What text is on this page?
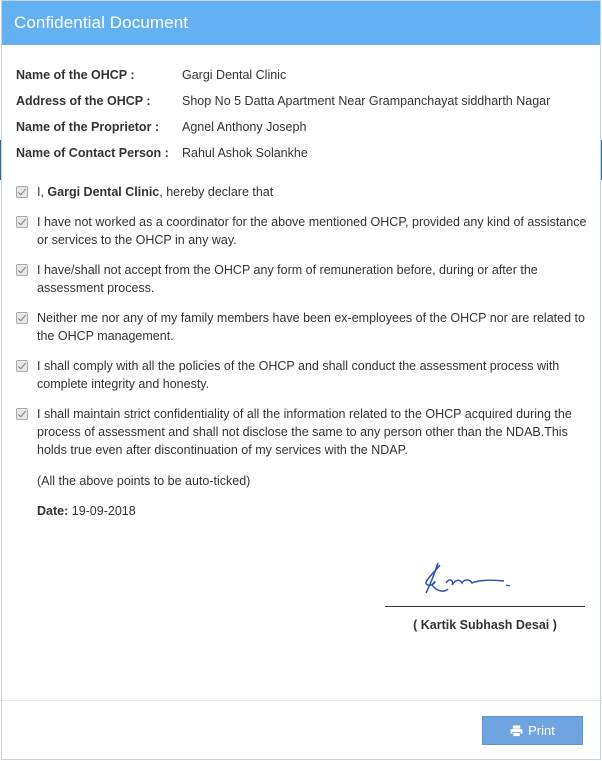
Confidential Document
Name of the OHCP :	Gargi Dental Clinic
Address of the OHCP :	Shop No 5 Datta Apartment Near Grampanchayat siddharth Nagar
Name of the Proprietor :	Agnel Anthony Joseph
Name of Contact Person :	Rahul Ashok Solankhe
I, Gargi Dental Clinic, hereby declare that
I have not worked as a coordinator for the above mentioned OHCP, provided any kind of assistance or services to the OHCP in any way.
I have/shall not accept from the OHCP any form of remuneration before, during or after the assessment process.
Neither me nor any of my family members have been ex-employees of the OHCP nor are related to the OHCP management.
I shall comply with all the policies of the OHCP and shall conduct the assessment process with complete integrity and honesty.
I shall maintain strict confidentiality of all the information related to the OHCP acquired during the process of assessment and shall not disclose the same to any person other than the NDAB.This holds true even after discontinuation of my services with the NDAP.
(All the above points to be auto-ticked)
Date: 19-09-2018
( Kartik Subhash Desai )
Print
